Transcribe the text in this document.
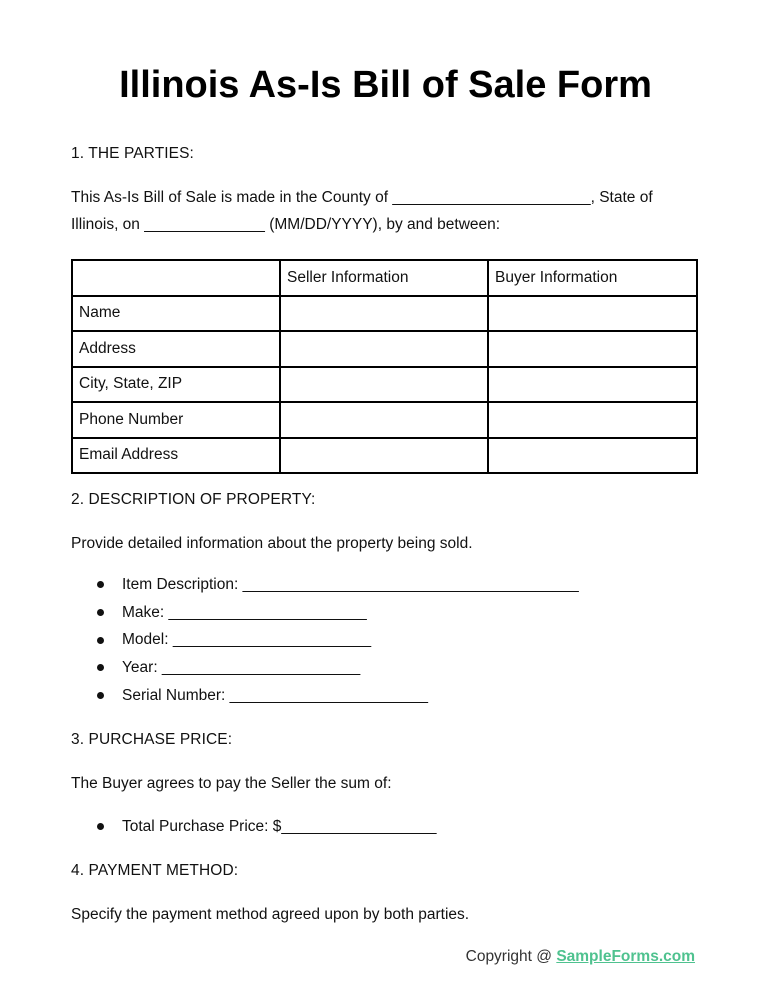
Illinois As-Is Bill of Sale Form
1. THE PARTIES:
This As-Is Bill of Sale is made in the County of _______________________, State of
Illinois, on ______________ (MM/DD/YYYY), by and between:
	Seller Information	Buyer Information
Name		
Address		
City, State, ZIP		
Phone Number		
Email Address		
2. DESCRIPTION OF PROPERTY:
Provide detailed information about the property being sold.
Item Description: _______________________________________
Make: _______________________
Model: _______________________
Year: _______________________
Serial Number: _______________________
3. PURCHASE PRICE:
The Buyer agrees to pay the Seller the sum of:
Total Purchase Price: $__________________
4. PAYMENT METHOD:
Specify the payment method agreed upon by both parties.
Copyright @ SampleForms.com
